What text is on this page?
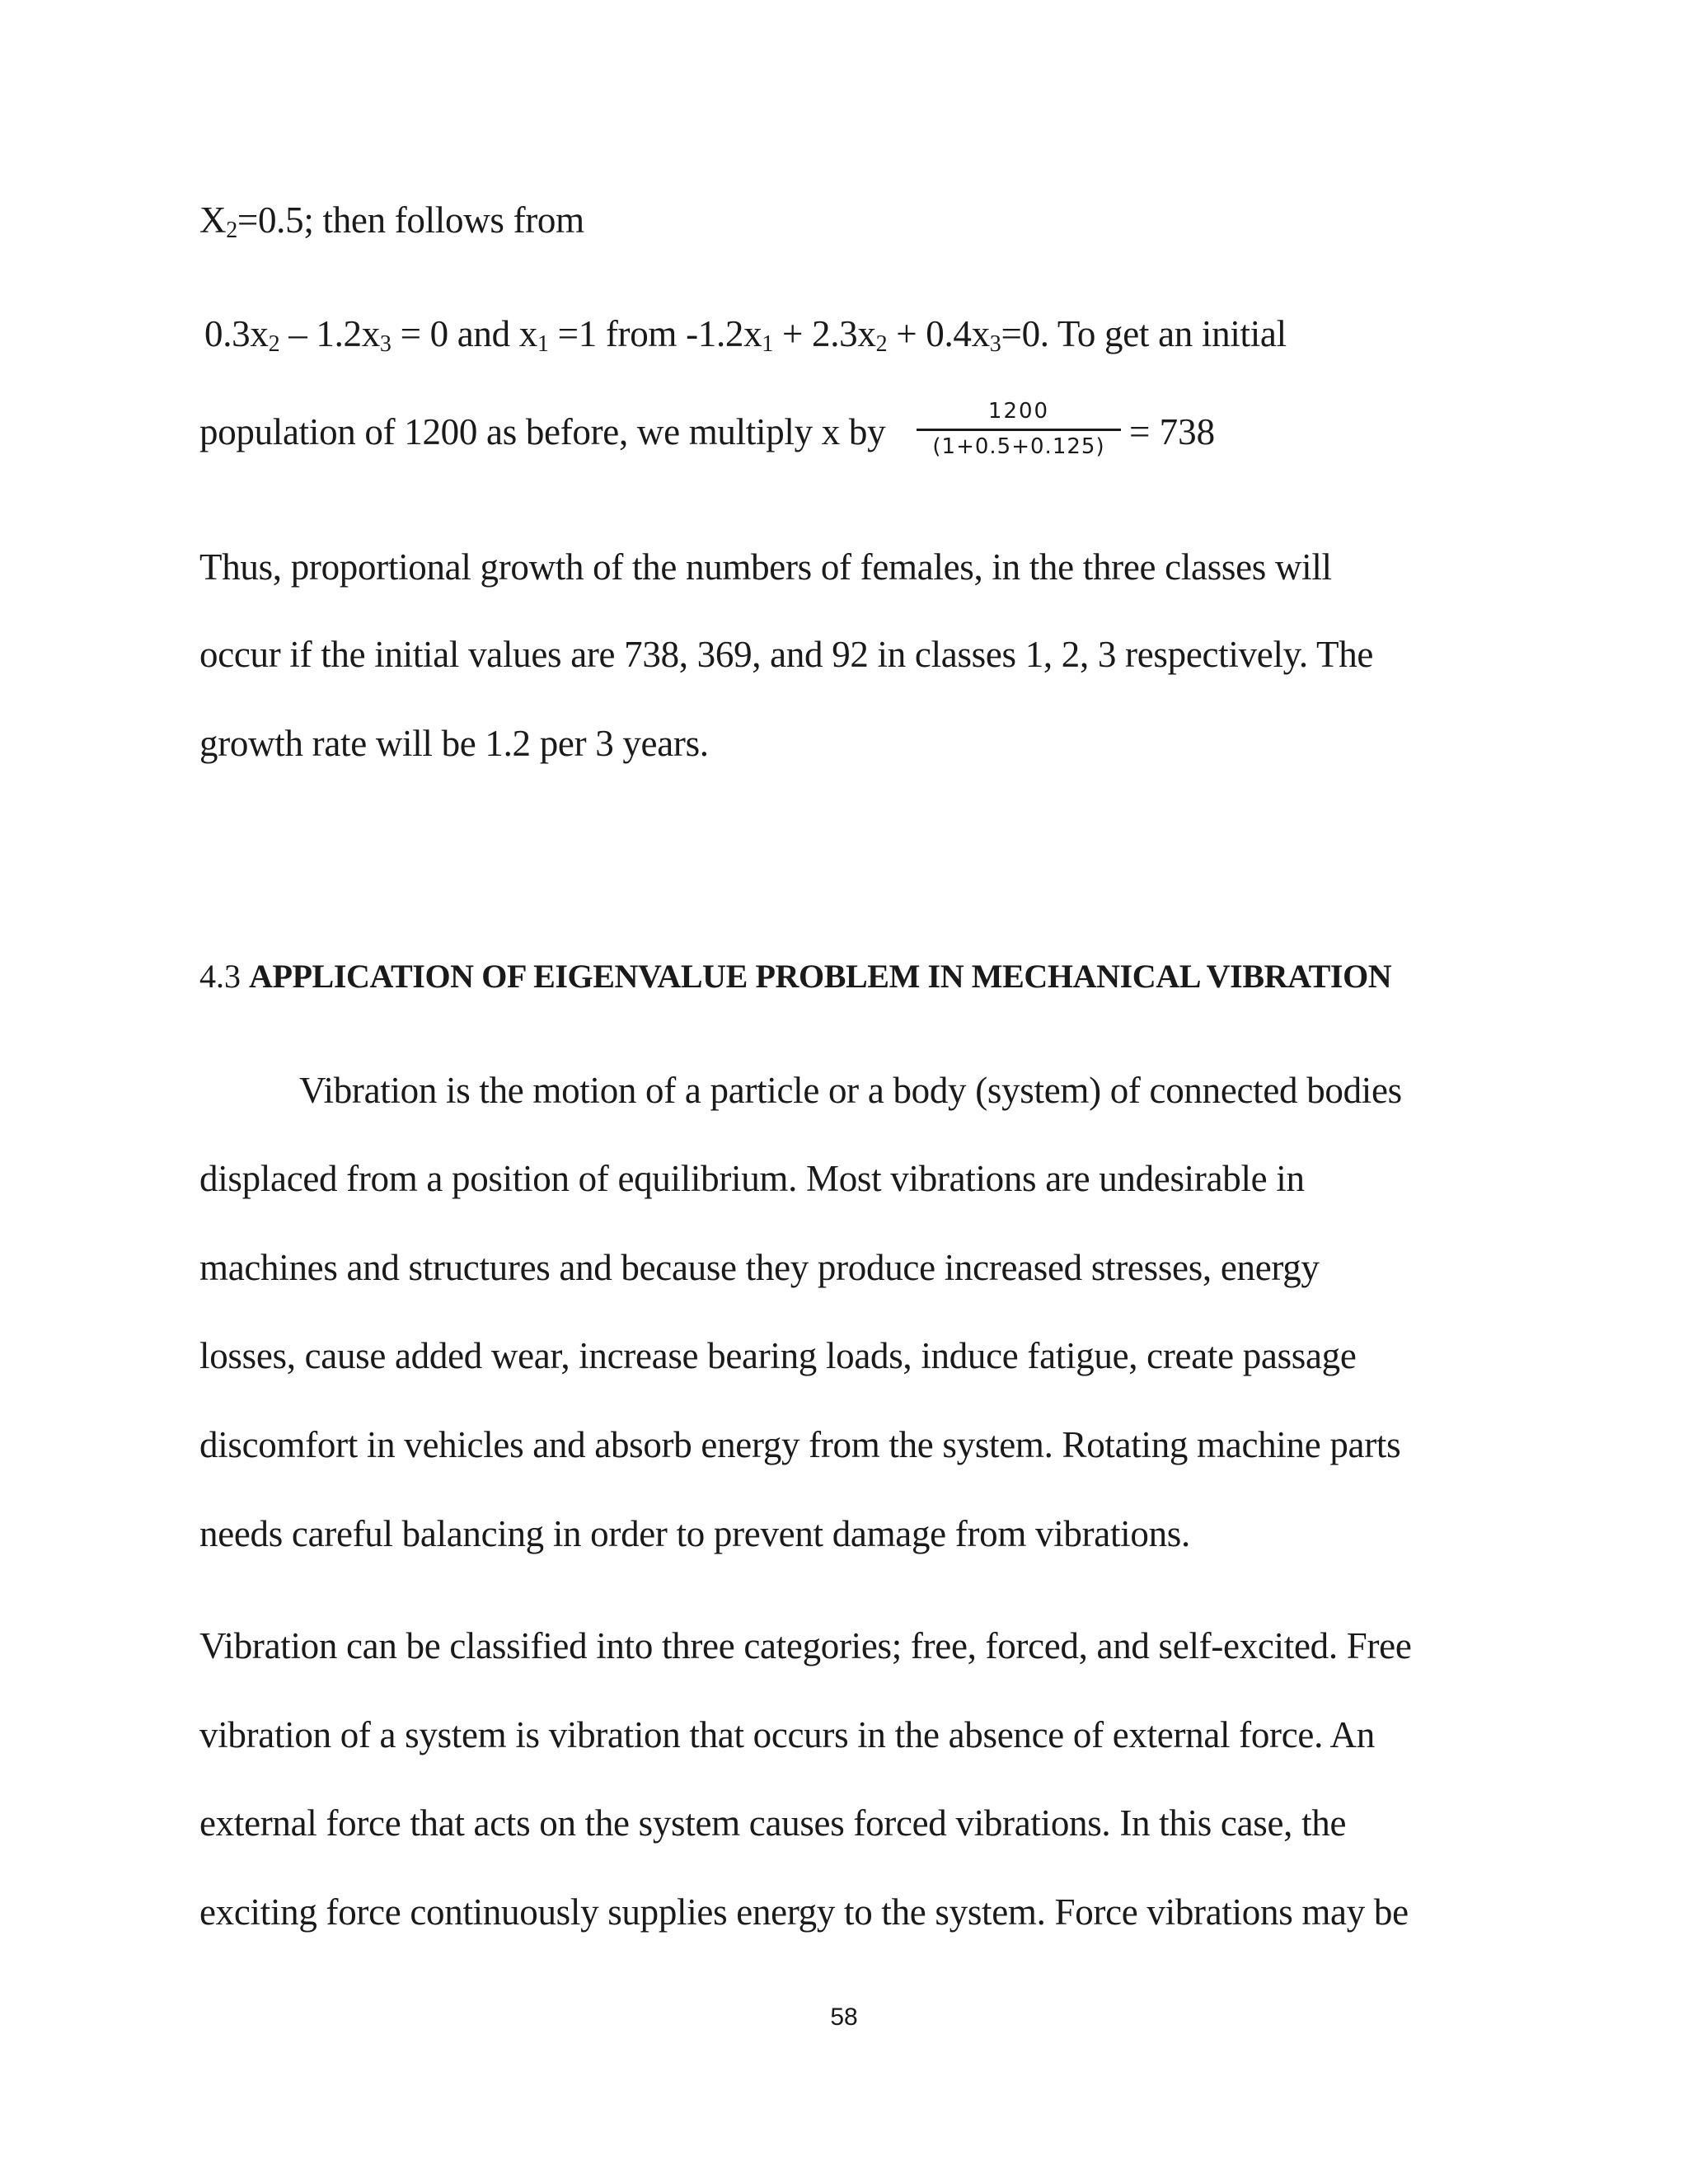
$X_2=0.5$; then follows from
$0.3x_2 - 1.2x_3 = 0$ and $x_1 =1$ from $-1.2x_1 + 2.3x_2 + 0.4x_3=0$. To get an initial
population of 1200 as before, we multiply x by	1200
(1+0.5+0.125) = 738
Thus, proportional growth of the numbers of females, in the three classes will
occur if the initial values are 738, 369, and 92 in classes 1, 2, 3 respectively. The
growth rate will be 1.2 per 3 years.
4.3 APPLICATION OF EIGENVALUE PROBLEM IN MECHANICAL VIBRATION
Vibration is the motion of a particle or a body (system) of connected bodies
displaced from a position of equilibrium. Most vibrations are undesirable in
machines and structures and because they produce increased stresses, energy
losses, cause added wear, increase bearing loads, induce fatigue, create passage
discomfort in vehicles and absorb energy from the system. Rotating machine parts
needs careful balancing in order to prevent damage from vibrations.
Vibration can be classified into three categories; free, forced, and self-excited. Free
vibration of a system is vibration that occurs in the absence of external force. An
external force that acts on the system causes forced vibrations. In this case, the
exciting force continuously supplies energy to the system. Force vibrations may be
58
